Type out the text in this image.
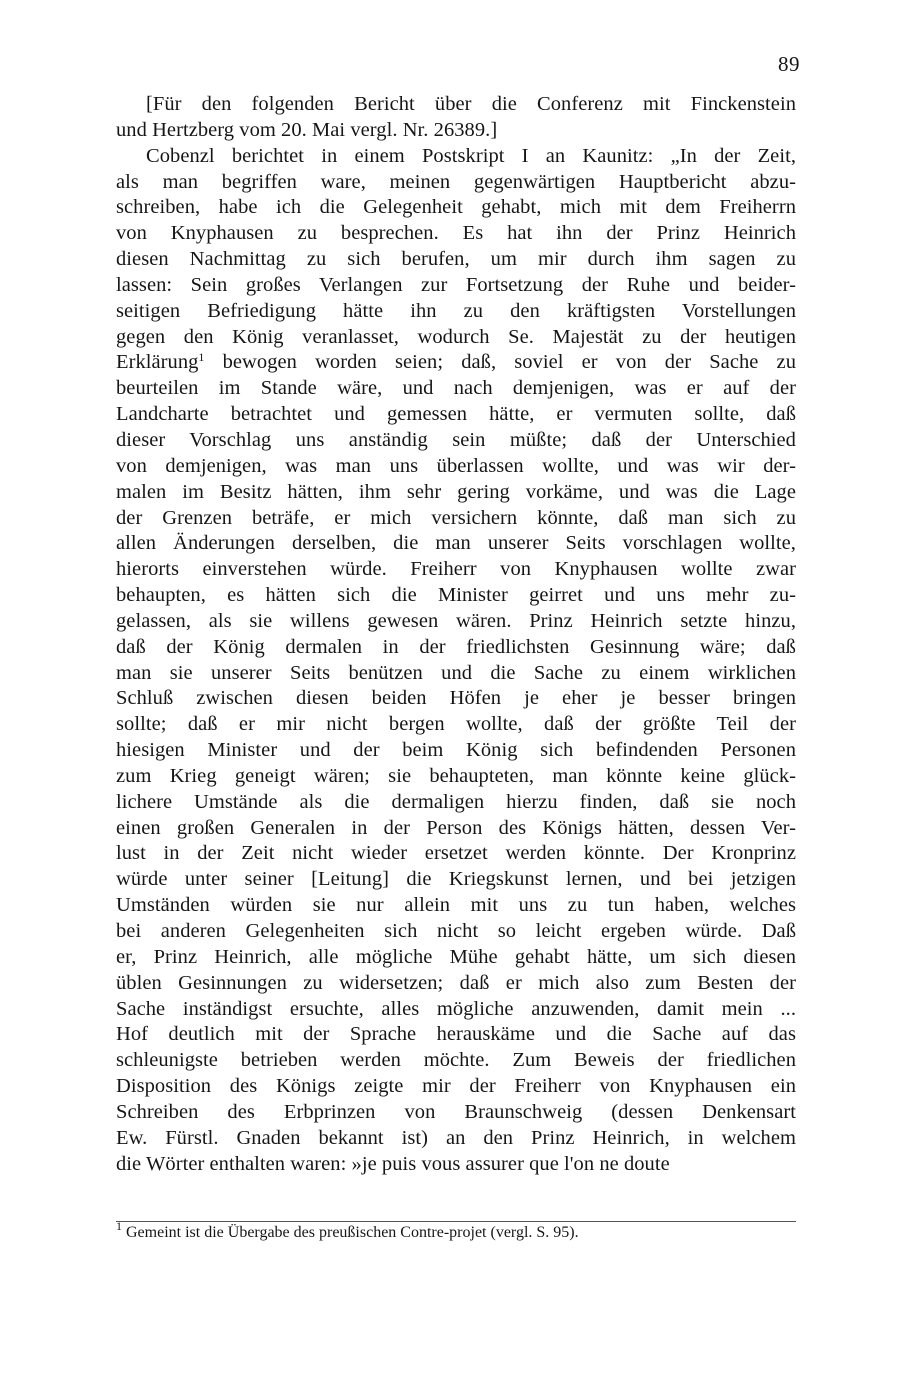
89
[Für den folgenden Bericht über die Conferenz mit Finckenstein
und Hertzberg vom 20. Mai vergl. Nr. 26389.]
Cobenzl berichtet in einem Postskript I an Kaunitz: „In der Zeit,
als man begriffen ware, meinen gegenwärtigen Hauptbericht abzu-
schreiben, habe ich die Gelegenheit gehabt, mich mit dem Freiherrn
von Knyphausen zu besprechen. Es hat ihn der Prinz Heinrich
diesen Nachmittag zu sich berufen, um mir durch ihm sagen zu
lassen: Sein großes Verlangen zur Fortsetzung der Ruhe und beider-
seitigen Befriedigung hätte ihn zu den kräftigsten Vorstellungen
gegen den König veranlasset, wodurch Se. Majestät zu der heutigen
Erklärung$^1$ bewogen worden seien; daß, soviel er von der Sache zu
beurteilen im Stande wäre, und nach demjenigen, was er auf der
Landcharte betrachtet und gemessen hätte, er vermuten sollte, daß
dieser Vorschlag uns anständig sein müßte; daß der Unterschied
von demjenigen, was man uns überlassen wollte, und was wir der-
malen im Besitz hätten, ihm sehr gering vorkäme, und was die Lage
der Grenzen beträfe, er mich versichern könnte, daß man sich zu
allen Änderungen derselben, die man unserer Seits vorschlagen wollte,
hierorts einverstehen würde. Freiherr von Knyphausen wollte zwar
behaupten, es hätten sich die Minister geirret und uns mehr zu-
gelassen, als sie willens gewesen wären. Prinz Heinrich setzte hinzu,
daß der König dermalen in der friedlichsten Gesinnung wäre; daß
man sie unserer Seits benützen und die Sache zu einem wirklichen
Schluß zwischen diesen beiden Höfen je eher je besser bringen
sollte; daß er mir nicht bergen wollte, daß der größte Teil der
hiesigen Minister und der beim König sich befindenden Personen
zum Krieg geneigt wären; sie behaupteten, man könnte keine glück-
lichere Umstände als die dermaligen hierzu finden, daß sie noch
einen großen Generalen in der Person des Königs hätten, dessen Ver-
lust in der Zeit nicht wieder ersetzet werden könnte. Der Kronprinz
würde unter seiner [Leitung] die Kriegskunst lernen, und bei jetzigen
Umständen würden sie nur allein mit uns zu tun haben, welches
bei anderen Gelegenheiten sich nicht so leicht ergeben würde. Daß
er, Prinz Heinrich, alle mögliche Mühe gehabt hätte, um sich diesen
üblen Gesinnungen zu widersetzen; daß er mich also zum Besten der
Sache inständigst ersuchte, alles mögliche anzuwenden, damit mein ...
Hof deutlich mit der Sprache herauskäme und die Sache auf das
schleunigste betrieben werden möchte. Zum Beweis der friedlichen
Disposition des Königs zeigte mir der Freiherr von Knyphausen ein
Schreiben des Erbprinzen von Braunschweig (dessen Denkensart
Ew. Fürstl. Gnaden bekannt ist) an den Prinz Heinrich, in welchem
die Wörter enthalten waren: »je puis vous assurer que l'on ne doute
$^1$ Gemeint ist die Übergabe des preußischen Contre-projet (vergl. S. 95).
